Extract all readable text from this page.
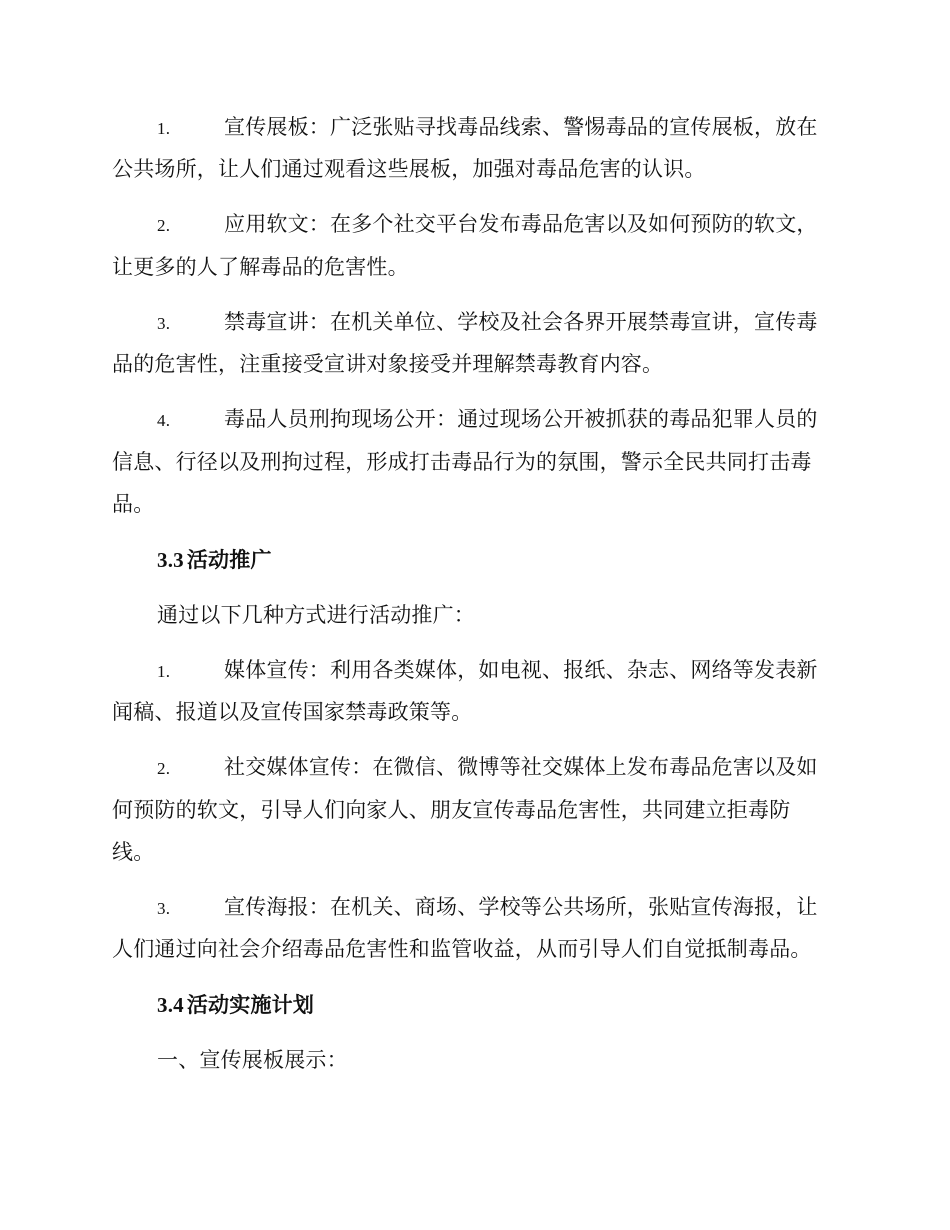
1.	宣传展板：广泛张贴寻找毒品线索、警惕毒品的宣传展板，放在
公共场所，让人们通过观看这些展板，加强对毒品危害的认识。
2.	应用软文：在多个社交平台发布毒品危害以及如何预防的软文，
让更多的人了解毒品的危害性。
3.	禁毒宣讲：在机关单位、学校及社会各界开展禁毒宣讲，宣传毒
品的危害性，注重接受宣讲对象接受并理解禁毒教育内容。
4.	毒品人员刑拘现场公开：通过现场公开被抓获的毒品犯罪人员的
信息、行径以及刑拘过程，形成打击毒品行为的氛围，警示全民共同打击毒
品。
3.3 活动推广
通过以下几种方式进行活动推广：
1.	媒体宣传：利用各类媒体，如电视、报纸、杂志、网络等发表新
闻稿、报道以及宣传国家禁毒政策等。
2.	社交媒体宣传：在微信、微博等社交媒体上发布毒品危害以及如
何预防的软文，引导人们向家人、朋友宣传毒品危害性，共同建立拒毒防
线。
3.	宣传海报：在机关、商场、学校等公共场所，张贴宣传海报，让
人们通过向社会介绍毒品危害性和监管收益，从而引导人们自觉抵制毒品。
3.4 活动实施计划
一、宣传展板展示：
